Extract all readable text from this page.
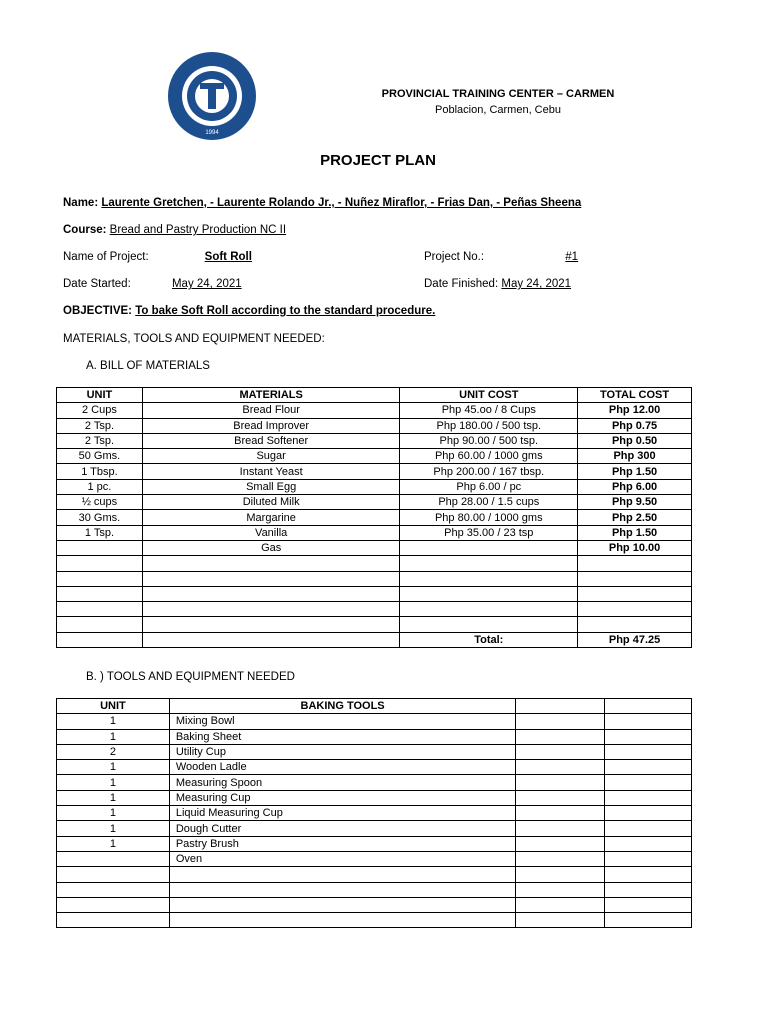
1994
PROVINCIAL TRAINING CENTER – CARMEN
Poblacion, Carmen, Cebu
PROJECT PLAN
Name: Laurente Gretchen, - Laurente Rolando Jr., - Nuñez Miraflor, - Frias Dan, - Peñas Sheena
Course: Bread and Pastry Production NC II
Name of Project:	Soft Roll	Project No.:	#1
Date Started:	May 24, 2021	Date Finished: May 24, 2021
OBJECTIVE: To bake Soft Roll according to the standard procedure.
MATERIALS, TOOLS AND EQUIPMENT NEEDED:
A. BILL OF MATERIALS
UNIT	MATERIALS	UNIT COST	TOTAL COST
2 Cups	Bread Flour	Php 45.oo / 8 Cups	Php 12.00
2 Tsp.	Bread Improver	Php 180.00 / 500 tsp.	Php 0.75
2 Tsp.	Bread Softener	Php 90.00 / 500 tsp.	Php 0.50
50 Gms.	Sugar	Php 60.00 / 1000 gms	Php 300
1 Tbsp.	Instant Yeast	Php 200.00 / 167 tbsp.	Php 1.50
1 pc.	Small Egg	Php 6.00 / pc	Php 6.00
½ cups	Diluted Milk	Php 28.00 / 1.5 cups	Php 9.50
30 Gms.	Margarine	Php 80.00 / 1000 gms	Php 2.50
1 Tsp.	Vanilla	Php 35.00 / 23 tsp	Php 1.50
	Gas		Php 10.00

		Total:	Php 47.25
B. ) TOOLS AND EQUIPMENT NEEDED
UNIT	BAKING TOOLS		
1	Mixing Bowl		
1	Baking Sheet		
2	Utility Cup		
1	Wooden Ladle		
1	Measuring Spoon		
1	Measuring Cup		
1	Liquid Measuring Cup		
1	Dough Cutter		
1	Pastry Brush		
	Oven		
